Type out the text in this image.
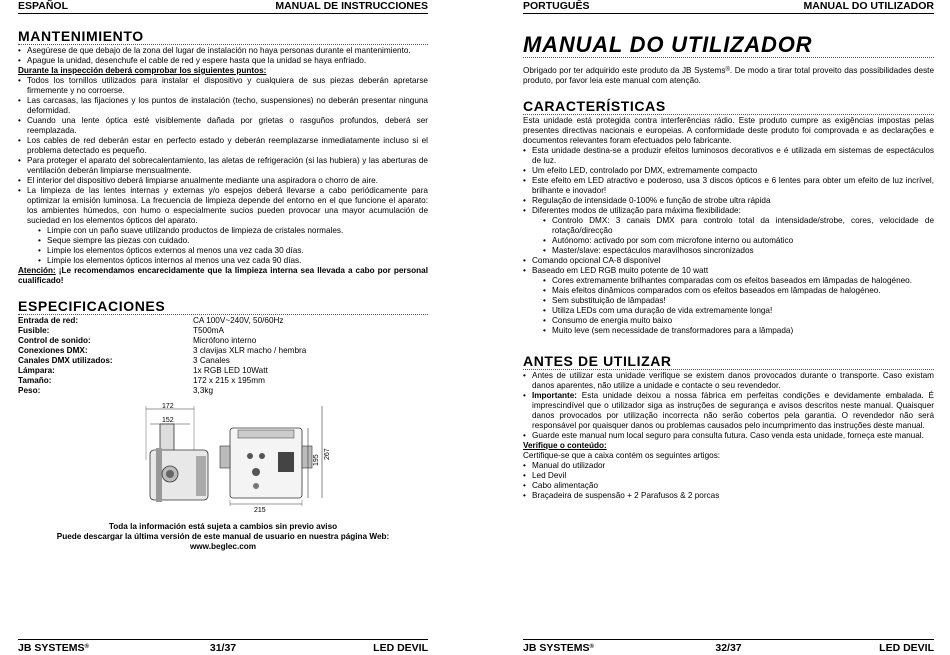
ESPAÑOL	MANUAL DE INSTRUCCIONES
MANTENIMIENTO
• Asegúrese de que debajo de la zona del lugar de instalación no haya personas durante el mantenimiento.
• Apague la unidad, desenchufe el cable de red y espere hasta que la unidad se haya enfriado.
Durante la inspección deberá comprobar los siguientes puntos:
• Todos los tornillos utilizados para instalar el dispositivo y cualquiera de sus piezas deberán apretarse firmemente y no corroerse.
• Las carcasas, las fijaciones y los puntos de instalación (techo, suspensiones) no deberán presentar ninguna deformidad.
• Cuando una lente óptica esté visiblemente dañada por grietas o rasguños profundos, deberá ser reemplazada.
• Los cables de red deberán estar en perfecto estado y deberán reemplazarse inmediatamente incluso si el problema detectado es pequeño.
• Para proteger el aparato del sobrecalentamiento, las aletas de refrigeración (si las hubiera) y las aberturas de ventilación deberán limpiarse mensualmente.
• El interior del dispositivo deberá limpiarse anualmente mediante una aspiradora o chorro de aire.
• La limpieza de las lentes internas y externas y/o espejos deberá llevarse a cabo periódicamente para optimizar la emisión luminosa. La frecuencia de limpieza depende del entorno en el que funcione el aparato: los ambientes húmedos, con humo o especialmente sucios pueden provocar una mayor acumulación de suciedad en los elementos ópticos del aparato.
• Limpie con un paño suave utilizando productos de limpieza de cristales normales.
• Seque siempre las piezas con cuidado.
• Limpie los elementos ópticos externos al menos una vez cada 30 días.
• Limpie los elementos ópticos internos al menos una vez cada 90 días.

Atención: ¡Le recomendamos encarecidamente que la limpieza interna sea llevada a cabo por personal cualificado!

ESPECIFICACIONES
Entrada de red:	CA 100V~240V, 50/60Hz
Fusible:	T500mA
Control de sonido:	Micrófono interno
Conexiones DMX:	3 clavijas XLR macho / hembra
Canales DMX utilizados:	3 Canales
Lámpara:	1x RGB LED 10Watt
Tamaño:	172 x 215 x 195mm
Peso:	3,3kg
172
152
215
195
267
Toda la información está sujeta a cambios sin previo aviso
Puede descargar la última versión de este manual de usuario en nuestra página Web:
www.beglec.com
JB SYSTEMS®	31/37	LED DEVIL
PORTUGUÊS	MANUAL DO UTILIZADOR
MANUAL DO UTILIZADOR

Obrigado por ter adquirido este produto da JB Systems®. De modo a tirar total proveito das possibilidades deste produto, por favor leia este manual com atenção.

CARACTERÍSTICAS

Esta unidade está protegida contra interferências rádio. Este produto cumpre as exigências impostas pelas presentes directivas nacionais e europeias. A conformidade deste produto foi comprovada e as declarações e documentos relevantes foram efectuados pelo fabricante.

• Esta unidade destina-se a produzir efeitos luminosos decorativos e é utilizada em sistemas de espectáculos de luz.
• Um efeito LED, controlado por DMX, extremamente compacto
• Este efeito em LED atractivo e poderoso, usa 3 discos ópticos e 6 lentes para obter um efeito de luz incrível, brilhante e inovador!
• Regulação de intensidade 0-100% e função de strobe ultra rápida
• Diferentes modos de utilização para máxima flexibilidade:
• Controlo DMX: 3 canais DMX para controlo total da intensidade/strobe, cores, velocidade de rotação/direcção
• Autónomo: activado por som com microfone interno ou automático
• Master/slave: espectáculos maravilhosos sincronizados
• Comando opcional CA-8 disponível
• Baseado em LED RGB muito potente de 10 watt
• Cores extremamente brilhantes comparadas com os efeitos baseados em lâmpadas de halogéneo.
• Mais efeitos dinâmicos comparados com os efeitos baseados em lâmpadas de halogéneo.
• Sem substituição de lâmpadas!
• Utiliza LEDs com uma duração de vida extremamente longa!
• Consumo de energia muito baixo
• Muito leve (sem necessidade de transformadores para a lâmpada)
ANTES DE UTILIZAR
• Antes de utilizar esta unidade verifique se existem danos provocados durante o transporte. Caso existam danos aparentes, não utilize a unidade e contacte o seu revendedor.
• Importante: Esta unidade deixou a nossa fábrica em perfeitas condições e devidamente embalada. É imprescindível que o utilizador siga as instruções de segurança e avisos descritos neste manual. Quaisquer danos provocados por utilização incorrecta não serão cobertos pela garantia. O revendedor não será responsável por quaisquer danos ou problemas causados pelo incumprimento das instruções deste manual.
• Guarde este manual num local seguro para consulta futura. Caso venda esta unidade, forneça este manual.
Verifique o conteúdo:
Certifique-se que a caixa contém os seguintes artigos:
• Manual do utilizador
• Led Devil
• Cabo alimentação
• Braçadeira de suspensão + 2 Parafusos & 2 porcas
JB SYSTEMS®	32/37	LED DEVIL
